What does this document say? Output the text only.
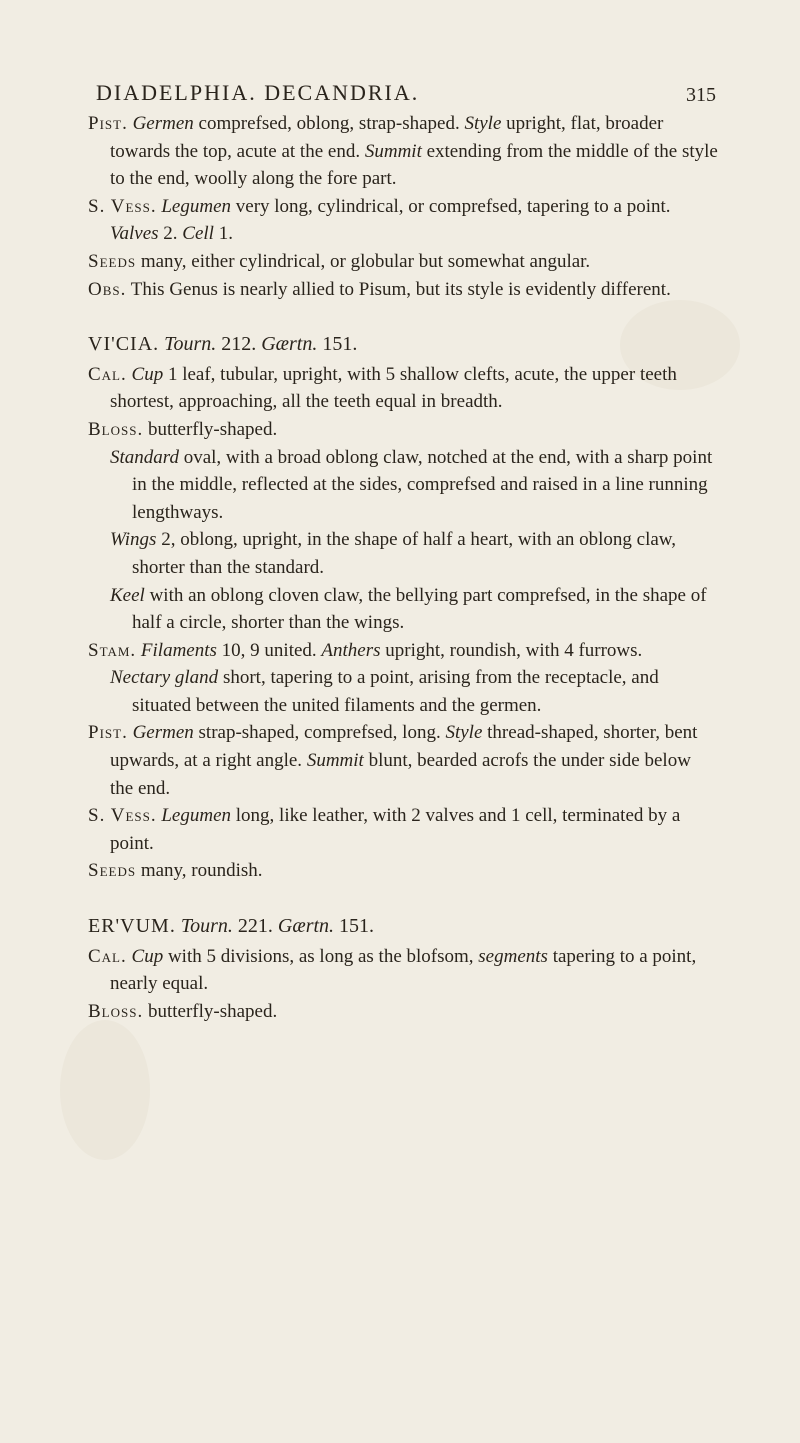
DIADELPHIA. DECANDRIA.	315

Pist. Germen comprefsed, oblong, strap-shaped. Style upright, flat, broader towards the top, acute at the end. Summit extending from the middle of the style to the end, woolly along the fore part.

S. Vess. Legumen very long, cylindrical, or comprefsed, tapering to a point. Valves 2. Cell 1.

Seeds many, either cylindrical, or globular but somewhat angular.

Obs. This Genus is nearly allied to Pisum, but its style is evidently different.

VI'CIA. Tourn. 212. Gærtn. 151.

Cal. Cup 1 leaf, tubular, upright, with 5 shallow clefts, acute, the upper teeth shortest, approaching, all the teeth equal in breadth.

Bloss. butterfly-shaped.

Standard oval, with a broad oblong claw, notched at the end, with a sharp point in the middle, reflected at the sides, comprefsed and raised in a line running lengthways.
Wings 2, oblong, upright, in the shape of half a heart, with an oblong claw, shorter than the standard.
Keel with an oblong cloven claw, the bellying part comprefsed, in the shape of half a circle, shorter than the wings.

Stam. Filaments 10, 9 united. Anthers upright, roundish, with 4 furrows.

Nectary gland short, tapering to a point, arising from the receptacle, and situated between the united filaments and the germen.

Pist. Germen strap-shaped, comprefsed, long. Style thread-shaped, shorter, bent upwards, at a right angle. Summit blunt, bearded acrofs the under side below the end.

S. Vess. Legumen long, like leather, with 2 valves and 1 cell, terminated by a point.

Seeds many, roundish.

ER'VUM. Tourn. 221. Gærtn. 151.

Cal. Cup with 5 divisions, as long as the blofsom, segments tapering to a point, nearly equal.

Bloss. butterfly-shaped.
